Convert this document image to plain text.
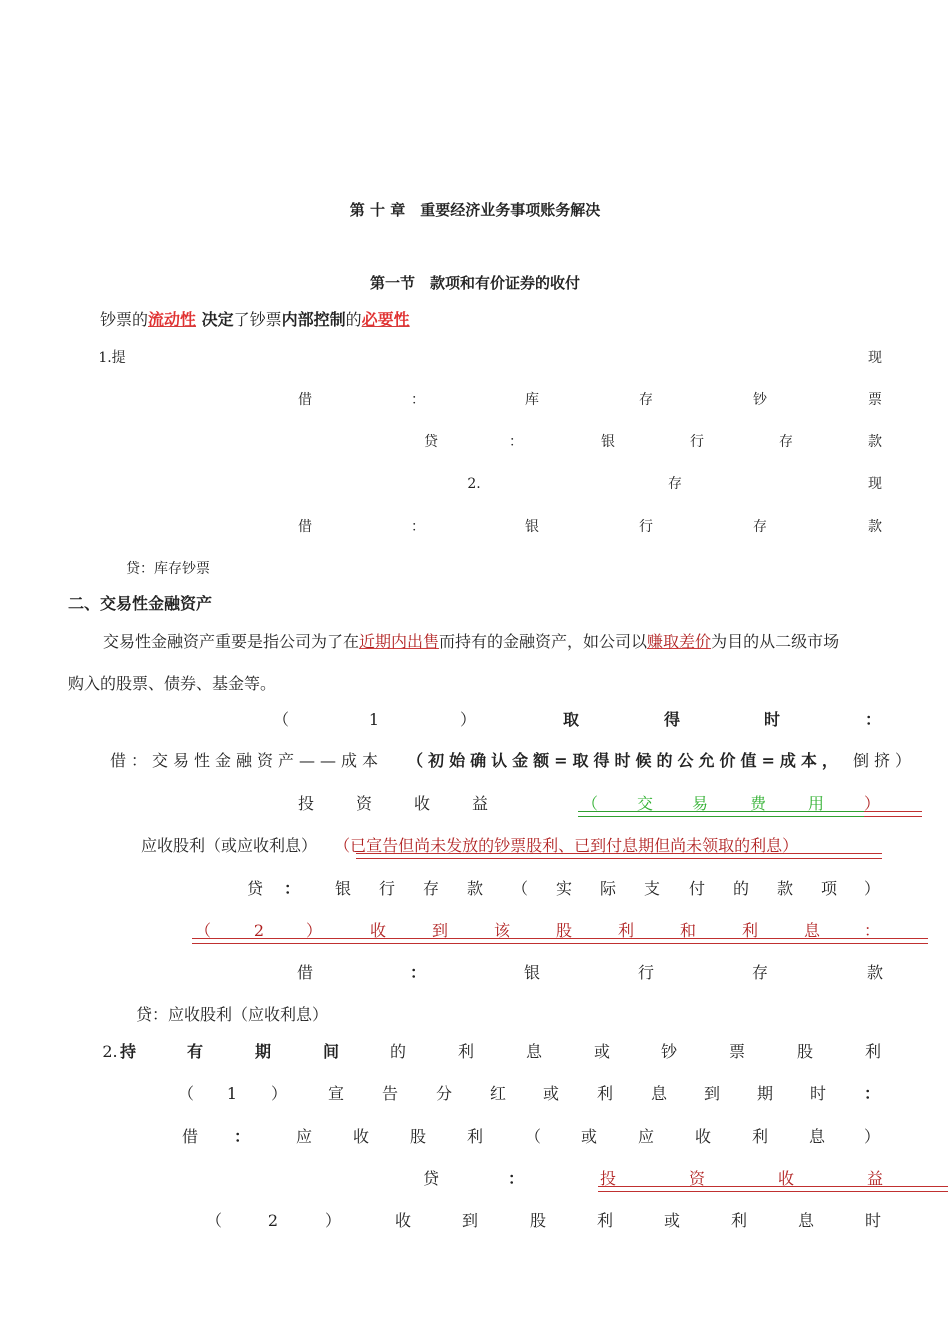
第 十 章　重要经济业务事项账务解决
第一节　款项和有价证券的收付
钞票的流动性 决定了钞票内部控制的必要性
1.提	现
借	：	库	存	钞	票
贷	：	银	行	存	款
2.	存	现
借	：	银	行	存	款
贷：库存钞票
二、交易性金融资产
交易性金融资产重要是指公司为了在近期内出售而持有的金融资产，如公司以赚取差价为目的从二级市场
购入的股票、债券、基金等。
（	1	）	取	得	时	：
借：交易性金融资产——成本 （初始确认金额=取得时候的公允价值=成本， 倒挤）
投	资	收	益	（ 交 易	费	用 ）
应收股利（或应收利息） （已宣告但尚未发放的钞票股利、已到付息期但尚未领取的利息）
贷 ： 银 行 存 款 （ 实 际 支 付 的 款 项 ）
（	2	）	收	到	该	股	利	和	利	息	：
借	：	银	行	存	款
贷：应收股利（应收利息）
2. 持	有	期	间	的	利	息	或	钞	票	股	利
（ 1 ）	宣 告 分 红 或 利 息 到 期 时 ：
借 ：	应	收	股	利	（ 或	应	收	利	息 ）
贷	：	投	资	收	益
（	2	）	收	到	股	利	或	利	息	时
